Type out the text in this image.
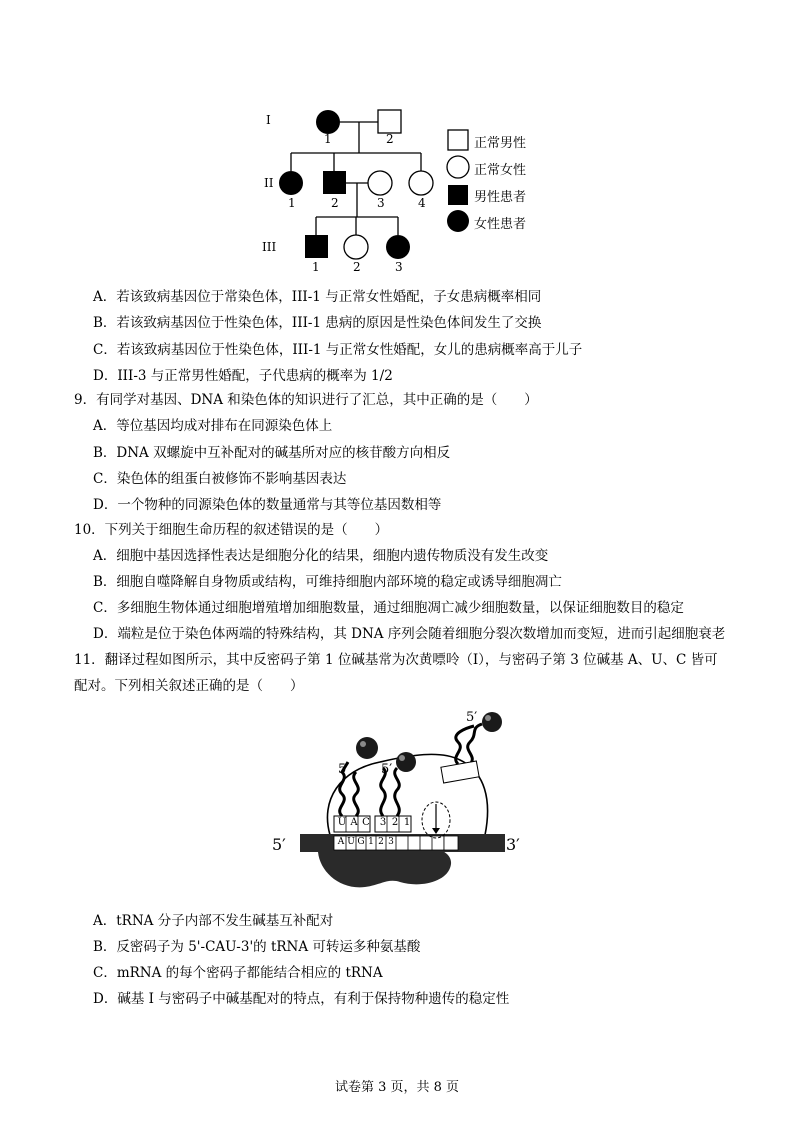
I
II
III
1	2
1	2	3	4
1	2	3
正常男性
正常女性
男性患者
女性患者
A．若该致病基因位于常染色体，III-1 与正常女性婚配，子女患病概率相同
B．若该致病基因位于性染色体，III-1 患病的原因是性染色体间发生了交换
C．若该致病基因位于性染色体，III-1 与正常女性婚配，女儿的患病概率高于儿子
D．III-3 与正常男性婚配，子代患病的概率为 1/2
9．有同学对基因、DNA 和染色体的知识进行了汇总，其中正确的是（　　）
A．等位基因均成对排布在同源染色体上
B．DNA 双螺旋中互补配对的碱基所对应的核苷酸方向相反
C．染色体的组蛋白被修饰不影响基因表达
D．一个物种的同源染色体的数量通常与其等位基因数相等
10．下列关于细胞生命历程的叙述错误的是（　　）
A．细胞中基因选择性表达是细胞分化的结果，细胞内遗传物质没有发生改变
B．细胞自噬降解自身物质或结构，可维持细胞内部环境的稳定或诱导细胞凋亡
C．多细胞生物体通过细胞增殖增加细胞数量，通过细胞凋亡减少细胞数量，以保证细胞数目的稳定
D．端粒是位于染色体两端的特殊结构，其 DNA 序列会随着细胞分裂次数增加而变短，进而引起细胞衰老
11．翻译过程如图所示，其中反密码子第 1 位碱基常为次黄嘌呤（I），与密码子第 3 位碱基 A、U、C 皆可
配对。下列相关叙述正确的是（　　）
5′	3′
5′ 5′
5′
U A C 3 2 1
A U G 1 2 3
A．tRNA 分子内部不发生碱基互补配对
B．反密码子为 5'-CAU-3'的 tRNA 可转运多种氨基酸
C．mRNA 的每个密码子都能结合相应的 tRNA
D．碱基 I 与密码子中碱基配对的特点，有利于保持物种遗传的稳定性
试卷第 3 页，共 8 页
